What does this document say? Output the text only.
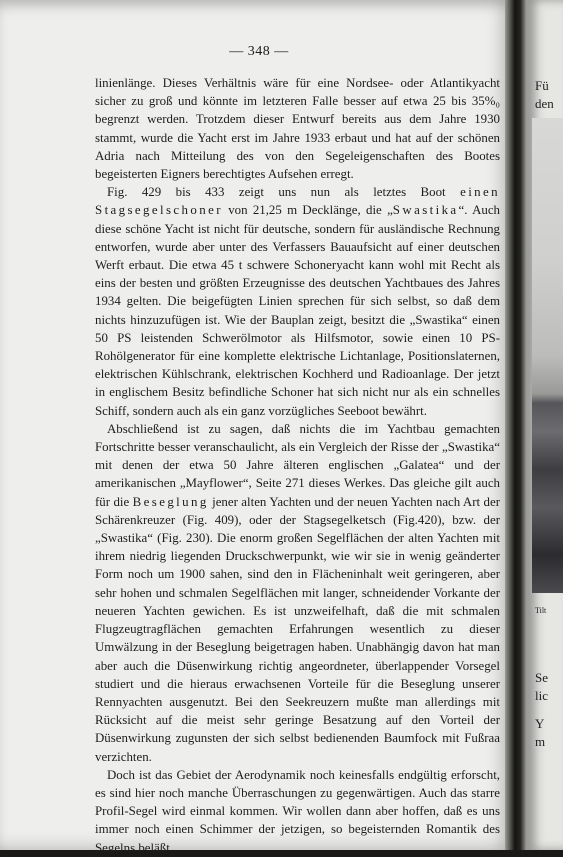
— 348 —

linienlänge. Dieses Verhältnis wäre für eine Nordsee- oder Atlantikyacht sicher zu groß und könnte im letzteren Falle besser auf etwa 25 bis 35%₀ begrenzt werden. Trotzdem dieser Entwurf bereits aus dem Jahre 1930 stammt, wurde die Yacht erst im Jahre 1933 erbaut und hat auf der schönen Adria nach Mitteilung des von den Segeleigenschaften des Bootes begeisterten Eigners berechtigtes Aufsehen erregt.

Fig. 429 bis 433 zeigt uns nun als letztes Boot einen Stagsegelschoner von 21,25 m Decklänge, die „Swastika“. Auch diese schöne Yacht ist nicht für deutsche, sondern für ausländische Rechnung entworfen, wurde aber unter des Verfassers Bauaufsicht auf einer deutschen Werft erbaut. Die etwa 45 t schwere Schoneryacht kann wohl mit Recht als eins der besten und größten Erzeugnisse des deutschen Yachtbaues des Jahres 1934 gelten. Die beigefügten Linien sprechen für sich selbst, so daß dem nichts hinzuzufügen ist. Wie der Bauplan zeigt, besitzt die „Swastika“ einen 50 PS leistenden Schwerölmotor als Hilfsmotor, sowie einen 10 PS-Rohölgenerator für eine komplette elektrische Lichtanlage, Positionslaternen, elektrischen Kühlschrank, elektrischen Kochherd und Radioanlage. Der jetzt in englischem Besitz befindliche Schoner hat sich nicht nur als ein schnelles Schiff, sondern auch als ein ganz vorzügliches Seeboot bewährt.

Abschließend ist zu sagen, daß nichts die im Yachtbau gemachten Fortschritte besser veranschaulicht, als ein Vergleich der Risse der „Swastika“ mit denen der etwa 50 Jahre älteren englischen „Galatea“ und der amerikanischen „Mayflower“, Seite 271 dieses Werkes. Das gleiche gilt auch für die Beseglung jener alten Yachten und der neuen Yachten nach Art der Schärenkreuzer (Fig. 409), oder der Stagsegelketsch (Fig.420), bzw. der „Swastika“ (Fig. 230). Die enorm großen Segelflächen der alten Yachten mit ihrem niedrig liegenden Druckschwerpunkt, wie wir sie in wenig geänderter Form noch um 1900 sahen, sind den in Flächeninhalt weit geringeren, aber sehr hohen und schmalen Segelflächen mit langer, schneidender Vorkante der neueren Yachten gewichen. Es ist unzweifelhaft, daß die mit schmalen Flugzeugtragflächen gemachten Erfahrungen wesentlich zu dieser Umwälzung in der Beseglung beigetragen haben. Unabhängig davon hat man aber auch die Düsenwirkung richtig angeordneter, überlappender Vorsegel studiert und die hieraus erwachsenen Vorteile für die Beseglung unserer Rennyachten ausgenutzt. Bei den Seekreuzern mußte man allerdings mit Rücksicht auf die meist sehr geringe Besatzung auf den Vorteil der Düsenwirkung zugunsten der sich selbst bedienenden Baumfock mit Fußraa verzichten.

Doch ist das Gebiet der Aerodynamik noch keinesfalls endgültig erforscht, es sind hier noch manche Überraschungen zu gegenwärtigen. Auch das starre Profil-Segel wird einmal kommen. Wir wollen dann aber hoffen, daß es uns immer noch einen Schimmer der jetzigen, so begeisternden Romantik des Segelns beläßt.

Fü
den
Tilt
Se
lic
Y
m
